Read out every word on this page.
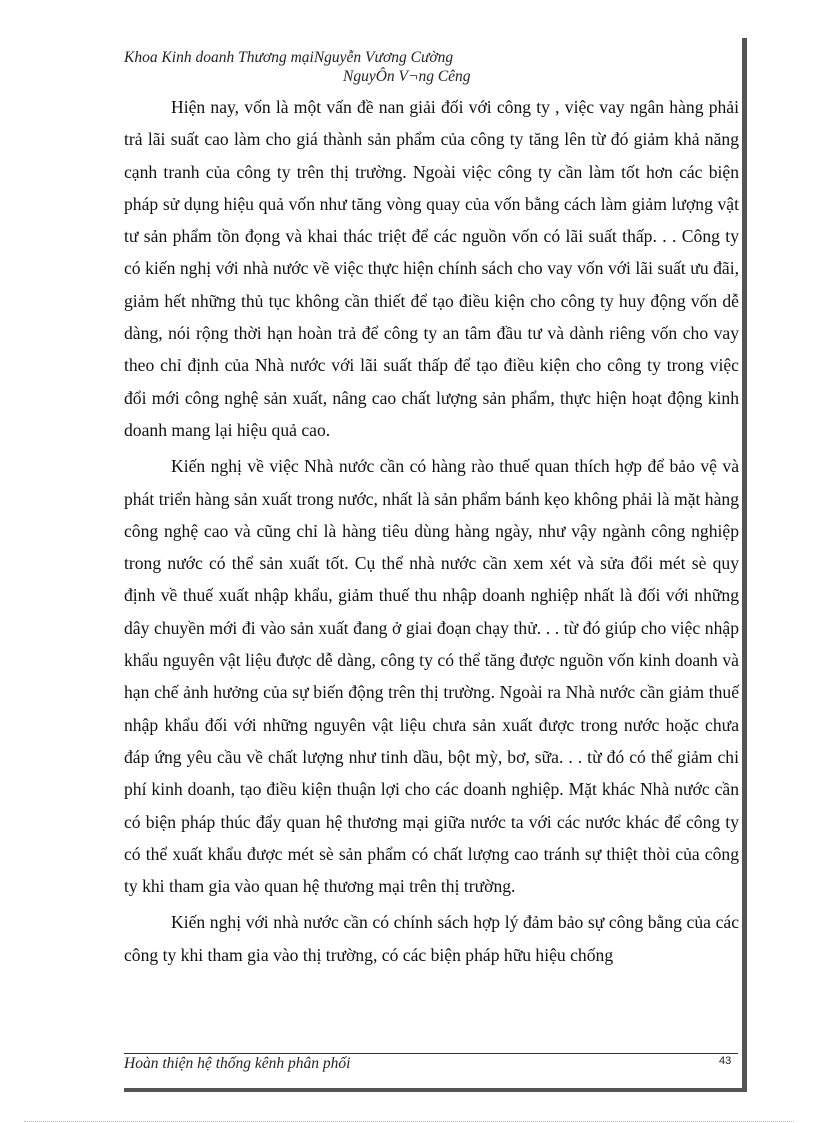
Khoa Kinh doanh Thương mạiNguyễn Vương Cường
NguyÔn V¬ng Cêng

Hiện nay, vốn là một vấn đề nan giải đối với công ty , việc vay ngân hàng phải trả lãi suất cao làm cho giá thành sản phẩm của công ty tăng lên từ đó giảm khả năng cạnh tranh của công ty trên thị trường. Ngoài việc công ty cần làm tốt hơn các biện pháp sử dụng hiệu quả vốn như tăng vòng quay của vốn bằng cách làm giảm lượng vật tư sản phẩm tồn đọng và khai thác triệt để các nguồn vốn có lãi suất thấp. . . Công ty có kiến nghị với nhà nước về việc thực hiện chính sách cho vay vốn với lãi suất ưu đãi, giảm hết những thủ tục không cần thiết để tạo điều kiện cho công ty huy động vốn dễ dàng, nói rộng thời hạn hoàn trả để công ty an tâm đầu tư và dành riêng vốn cho vay theo chỉ định của Nhà nước với lãi suất thấp để tạo điều kiện cho công ty trong việc đổi mới công nghệ sản xuất, nâng cao chất lượng sản phẩm, thực hiện hoạt động kinh doanh mang lại hiệu quả cao.

Kiến nghị về việc Nhà nước cần có hàng rào thuế quan thích hợp để bảo vệ và phát triển hàng sản xuất trong nước, nhất là sản phẩm bánh kẹo không phải là mặt hàng công nghệ cao và cũng chỉ là hàng tiêu dùng hàng ngày, như vậy ngành công nghiệp trong nước có thể sản xuất tốt. Cụ thể nhà nước cần xem xét và sửa đổi mét sè quy định về thuế xuất nhập khẩu, giảm thuế thu nhập doanh nghiệp nhất là đối với những dây chuyền mới đi vào sản xuất đang ở giai đoạn chạy thử. . . từ đó giúp cho việc nhập khẩu nguyên vật liệu được dễ dàng, công ty có thể tăng được nguồn vốn kinh doanh và hạn chế ảnh hưởng của sự biến động trên thị trường. Ngoài ra Nhà nước cần giảm thuế nhập khẩu đối với những nguyên vật liệu chưa sản xuất được trong nước hoặc chưa đáp ứng yêu cầu về chất lượng như tinh dầu, bột mỳ, bơ, sữa. . . từ đó có thể giảm chi phí kinh doanh, tạo điều kiện thuận lợi cho các doanh nghiệp. Mặt khác Nhà nước cần có biện pháp thúc đẩy quan hệ thương mại giữa nước ta với các nước khác để công ty có thể xuất khẩu được mét sè sản phẩm có chất lượng cao tránh sự thiệt thòi của công ty khi tham gia vào quan hệ thương mại trên thị trường.

Kiến nghị với nhà nước cần có chính sách hợp lý đảm bảo sự công bằng của các công ty khi tham gia vào thị trường, có các biện pháp hữu hiệu chống

Hoàn thiện hệ thống kênh phân phối	43
